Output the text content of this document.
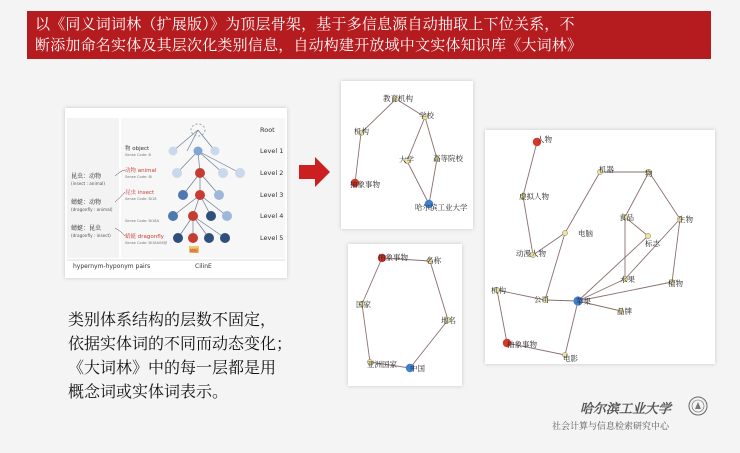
以《同义词词林（扩展版）》为顶层骨架，基于多信息源自动抽取上下位关系，不
断添加命名实体及其层次化类别信息，自动构建开放域中文实体知识库《大词林》
蜻蜓
Root
Level 1
Level 2
Level 3
Level 4
Level 5
物 object
Sense Code: B
动物 animal
Sense Code: Bi
昆虫 insect
Sense Code: Bi18
Sense Code: Bi18A
蜻蜓 dragonfly
Sense Code: Bi18A06@
昆虫：动物
(insect : animal)
蜻蜓：动物
(dragonfly : animal)
蜻蜓：昆虫
(dragonfly : insect)
hypernym-hyponym pairs	CilinE
教育机构
学校
机构
大学	高等院校
抽象事物
哈尔滨工业大学
抽象事物 名称
国家
地名
亚洲国家 中国
人物
机器	物
虚拟人物
食品	生物
电脑
标志
动漫人物
水果	植物
机构
公司	苹果
品牌
抽象事物
电影
类别体系结构的层数不固定，
依据实体词的不同而动态变化；
《大词林》中的每一层都是用
概念词或实体词表示。
哈尔滨工业大学
社会计算与信息检索研究中心
